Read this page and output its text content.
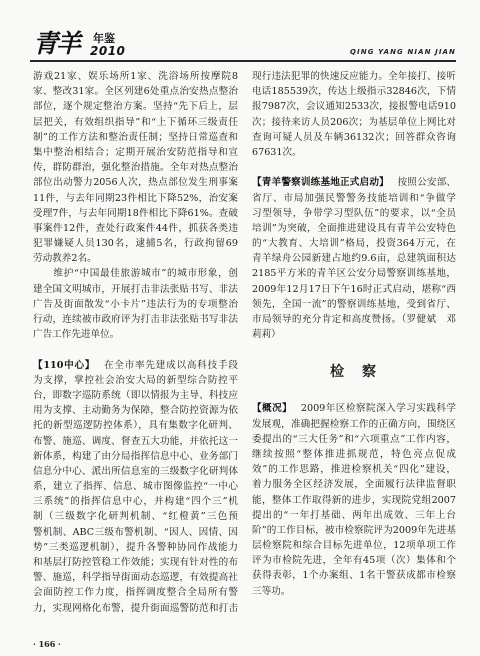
青羊 年鉴
2010	QING YANG NIAN JIAN
游戏21家、娱乐场所1家、洗浴场所按摩院8
家、整改31家。全区列建6处重点治安热点整治
部位，逐个规定整治方案。坚持“先下后上，层
层把关，有效组织指导”和“上下循环三级责任
制”的工作方法和整治责任制；坚持日常巡查和
集中整治相结合；定期开展治安防范指导和宣
传，群防群治，强化整治措施。全年对热点整治
部位出动警力2056人次，热点部位发生刑事案
11件，与去年同期23件相比下降52%，治安案
受理7件，与去年同期18件相比下降61%。查破
事案件12件，查处行政案件44件，抓获各类违
犯罪嫌疑人员130名，逮捕5名，行政拘留69
劳动教养2名。
　　维护“中国最佳旅游城市”的城市形象，创
建全国文明城市，开展打击非法张贴书写、非法
广告及街面散发“小卡片”违法行为的专项整治
行动，连续被市政府评为打击非法张贴书写非法
广告工作先进单位。
【110中心】 在全市率先建成以高科技手段
为支撑，掌控社会治安大局的新型综合防控平
台，即数字巡防系统（即以情报为主导、科技应
用为支撑、主动勤务为保障，整合防控资源为依
托的新型巡逻防控体系），具有集数字化研判、
布警、施巡、调度、督查五大功能，并依托这一
新体系，构建了由分局指挥信息中心、业务部门
信息分中心、派出所信息室的三级数字化研判体
系，建立了指挥、信息、城市图像监控“一中心
三系统”的指挥信息中心，并构建“四个三”机
制（三级数字化研判机制、“红橙黄”三色预
警机制、ABC三级布警机制、“因人、因情、因
势”三类巡逻机制），提升各警种协同作战能力
和基层打防控管稳工作效能；实现有针对性的布
警、施巡，科学指导街面动态巡逻，有效提高社
会面防控工作力度，指挥调度整合全局所有警
力，实现网格化布警，提升街面巡警防范和打击
现行违法犯罪的快速反应能力。全年接打、接听
电话185539次，传达上级指示32846次，下情
报7987次，会议通知2533次，接报警电话910
次；接待来访人员206次；为基层单位上网比对
查询可疑人员及车辆36132次；回答群众咨询
67631次。
【青羊警察训练基地正式启动】 按照公安部、
省厅、市局加强民警警务技能培训和“争做学
习型领导，争带学习型队伍”的要求，以“全员
培训”为突破，全面推进建设具有青羊公安特色
的“大教育、大培训”格局，投资364万元，在
青羊绿舟公园新建占地约9.6亩，总建筑面积达
2185平方米的青羊区公安分局警察训练基地，
2009年12月17日下午16时正式启动，堪称“西
领先，全国一流”的警察训练基地，受到省厅、
市局领导的充分肯定和高度赞扬。（罗健斌　邓
莉莉）
检　察
【概况】 2009年区检察院深入学习实践科学
发展观，准确把握检察工作的正确方向，围绕区
委提出的“三大任务”和“六项重点”工作内容，
继续按照“整体推进抓规范，特色亮点促成
效”的工作思路，推进检察机关“四化”建设，
着力服务全区经济发展，全面履行法律监督职
能，整体工作取得新的进步，实现院党组2007
提出的“一年打基础、两年出成效、三年上台
阶”的工作目标，被市检察院评为2009年先进基
层检察院和综合目标先进单位，12项单项工作
评为市检院先进，全年有45项（次）集体和个
获得表彰，1个办案组、1名干警获成都市检察
三等功。
· 166 ·
